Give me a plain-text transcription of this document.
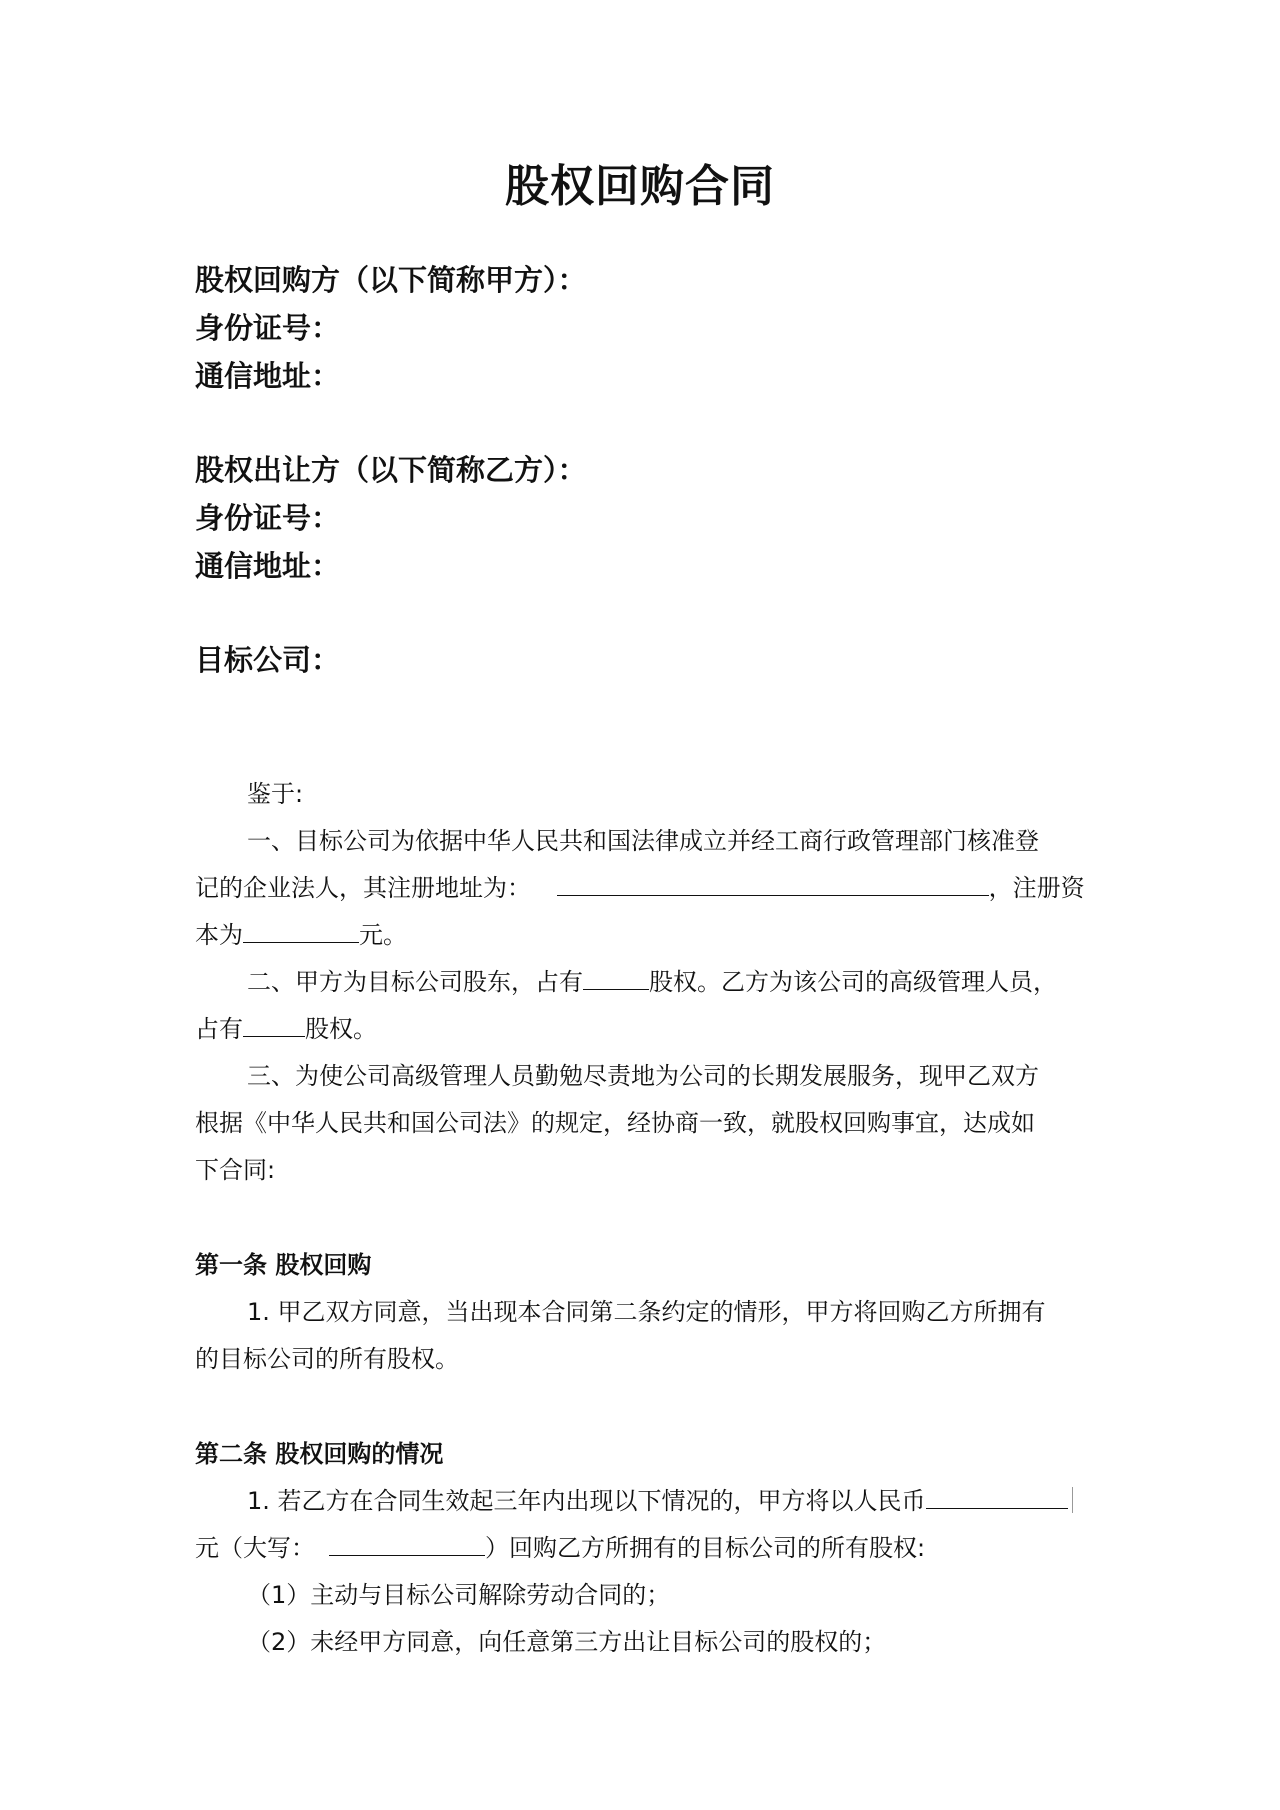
股权回购合同
股权回购方（以下简称甲方）：
身份证号：
通信地址：
股权出让方（以下简称乙方）：
身份证号：
通信地址：
目标公司：
鉴于:
一、目标公司为依据中华人民共和国法律成立并经工商行政管理部门核准登
记的企业法人，其注册地址为：	，注册资
本为	元。
二、甲方为目标公司股东，占有	股权。乙方为该公司的高级管理人员，
占有	股权。
三、为使公司高级管理人员勤勉尽责地为公司的长期发展服务，现甲乙双方
根据《中华人民共和国公司法》的规定，经协商一致，就股权回购事宜，达成如
下合同:
第一条 股权回购
1. 甲乙双方同意，当出现本合同第二条约定的情形，甲方将回购乙方所拥有
的目标公司的所有股权。
第二条 股权回购的情况
1. 若乙方在合同生效起三年内出现以下情况的，甲方将以人民币
元（大写：	）回购乙方所拥有的目标公司的所有股权:
（1）主动与目标公司解除劳动合同的；
（2）未经甲方同意，向任意第三方出让目标公司的股权的；
